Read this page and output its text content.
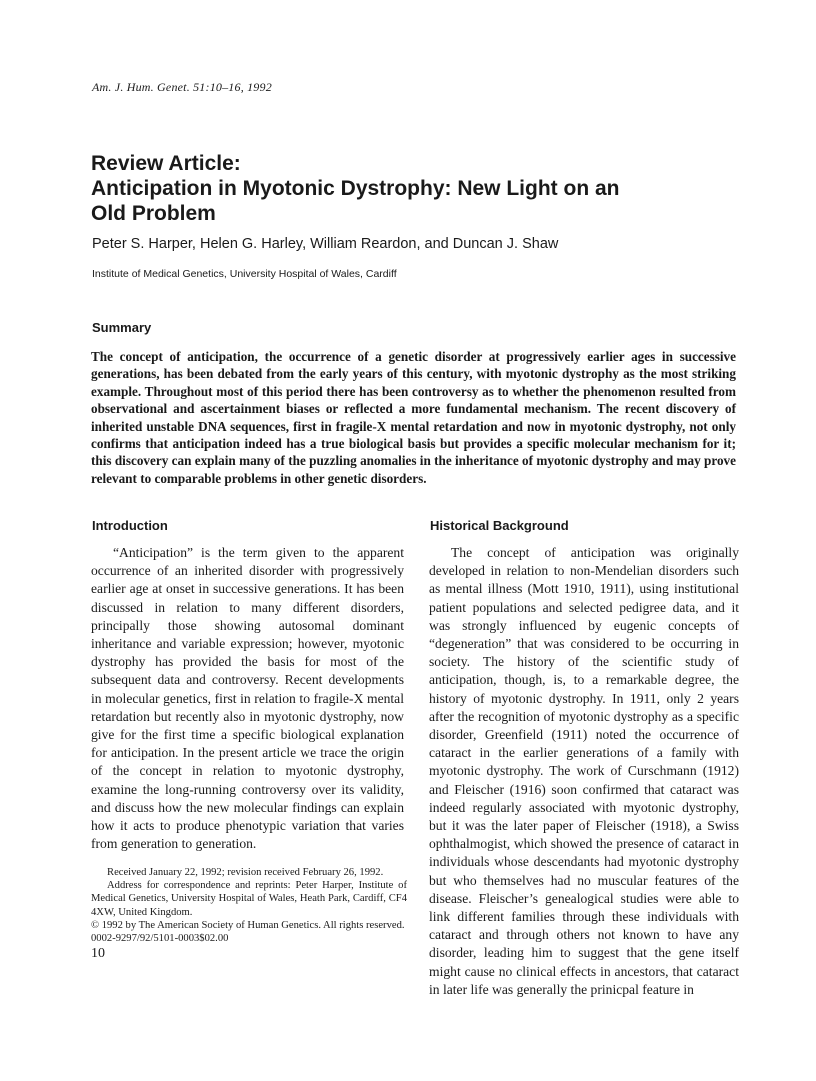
Am. J. Hum. Genet. 51:10–16, 1992
Review Article:
Anticipation in Myotonic Dystrophy: New Light on an Old Problem
Peter S. Harper, Helen G. Harley, William Reardon, and Duncan J. Shaw
Institute of Medical Genetics, University Hospital of Wales, Cardiff
Summary

The concept of anticipation, the occurrence of a genetic disorder at progressively earlier ages in successive generations, has been debated from the early years of this century, with myotonic dystrophy as the most striking example. Throughout most of this period there has been controversy as to whether the phenomenon resulted from observational and ascertainment biases or reflected a more fundamental mechanism. The recent discovery of inherited unstable DNA sequences, first in fragile-X mental retardation and now in myotonic dystrophy, not only confirms that anticipation indeed has a true biological basis but provides a specific molecular mechanism for it; this discovery can explain many of the puzzling anomalies in the inheritance of myotonic dystrophy and may prove relevant to comparable problems in other genetic disorders.

Introduction

“Anticipation” is the term given to the apparent occurrence of an inherited disorder with progressively earlier age at onset in successive generations. It has been discussed in relation to many different disorders, principally those showing autosomal dominant inheritance and variable expression; however, myotonic dystrophy has provided the basis for most of the subsequent data and controversy. Recent developments in molecular genetics, first in relation to fragile-X mental retardation but recently also in myotonic dystrophy, now give for the first time a specific biological explanation for anticipation. In the present article we trace the origin of the concept in relation to myotonic dystrophy, examine the long-running controversy over its validity, and discuss how the new molecular findings can explain how it acts to produce phenotypic variation that varies from generation to generation.

Historical Background

The concept of anticipation was originally developed in relation to non-Mendelian disorders such as mental illness (Mott 1910, 1911), using institutional patient populations and selected pedigree data, and it was strongly influenced by eugenic concepts of “degeneration” that was considered to be occurring in society. The history of the scientific study of anticipation, though, is, to a remarkable degree, the history of myotonic dystrophy. In 1911, only 2 years after the recognition of myotonic dystrophy as a specific disorder, Greenfield (1911) noted the occurrence of cataract in the earlier generations of a family with myotonic dystrophy. The work of Curschmann (1912) and Fleischer (1916) soon confirmed that cataract was indeed regularly associated with myotonic dystrophy, but it was the later paper of Fleischer (1918), a Swiss ophthalmogist, which showed the presence of cataract in individuals whose descendants had myotonic dystrophy but who themselves had no muscular features of the disease. Fleischer’s genealogical studies were able to link different families through these individuals with cataract and through others not known to have any disorder, leading him to suggest that the gene itself might cause no clinical effects in ancestors, that cataract in later life was generally the prinicpal feature in

Received January 22, 1992; revision received February 26, 1992.

Address for correspondence and reprints: Peter Harper, Institute of Medical Genetics, University Hospital of Wales, Heath Park, Cardiff, CF4 4XW, United Kingdom.

© 1992 by The American Society of Human Genetics. All rights reserved.

0002-9297/92/5101-0003$02.00

10
